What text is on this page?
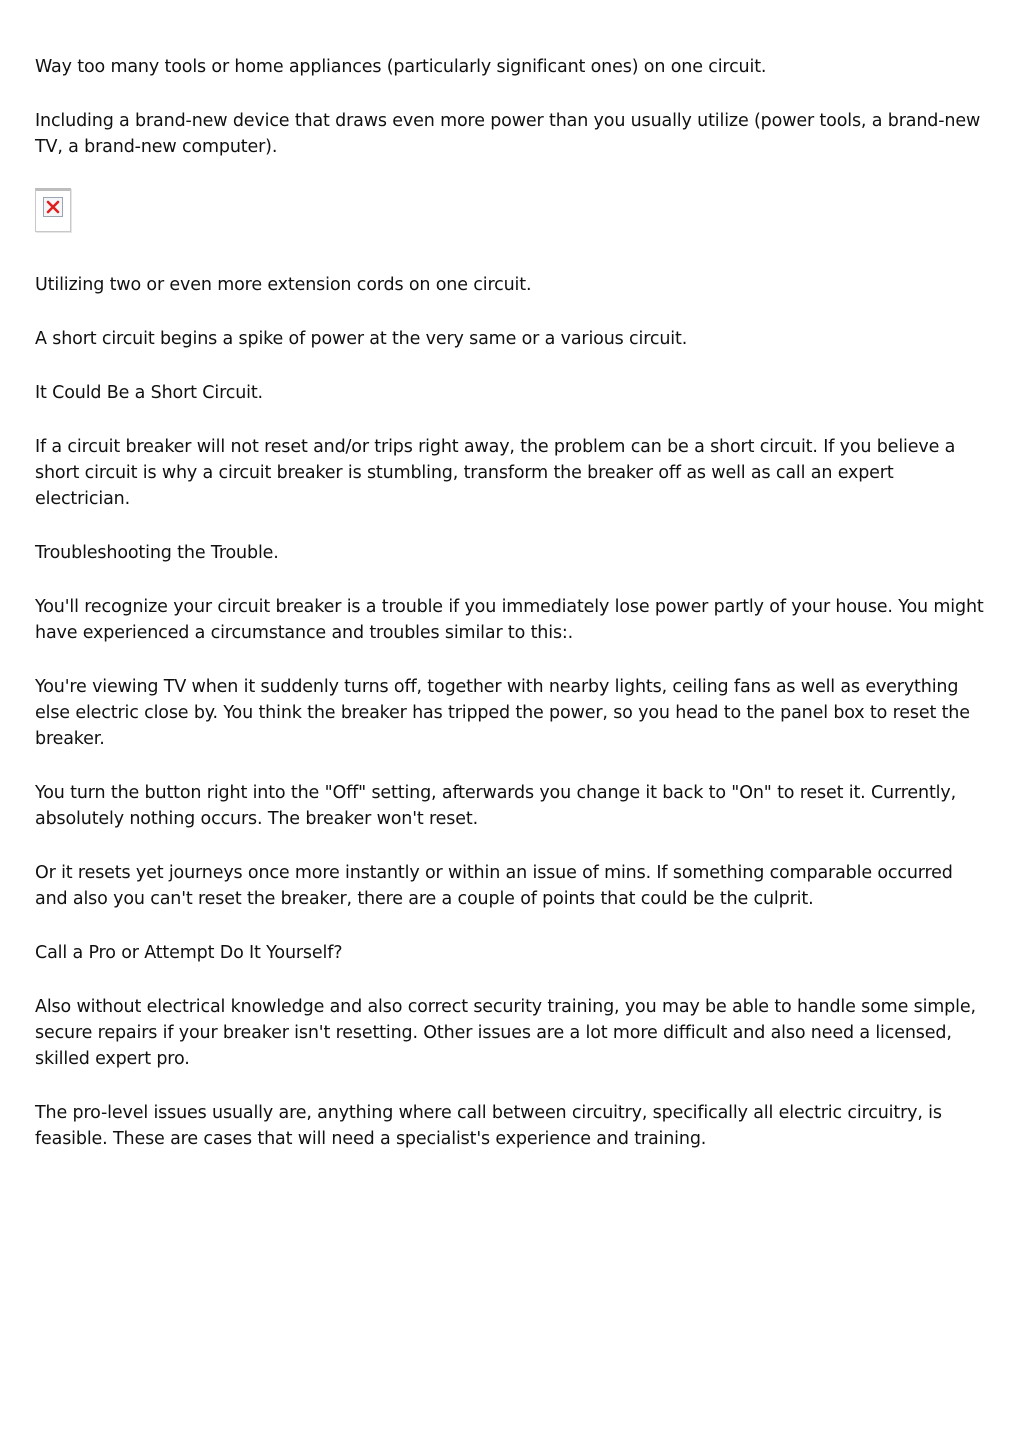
Way too many tools or home appliances (particularly significant ones) on one circuit.

Including a brand-new device that draws even more power than you usually utilize (power tools, a brand-new TV, a brand-new computer).

Utilizing two or even more extension cords on one circuit.

A short circuit begins a spike of power at the very same or a various circuit.

It Could Be a Short Circuit.

If a circuit breaker will not reset and/or trips right away, the problem can be a short circuit. If you believe a short circuit is why a circuit breaker is stumbling, transform the breaker off as well as call an expert electrician.

Troubleshooting the Trouble.

You'll recognize your circuit breaker is a trouble if you immediately lose power partly of your house. You might have experienced a circumstance and troubles similar to this:.

You're viewing TV when it suddenly turns off, together with nearby lights, ceiling fans as well as everything else electric close by. You think the breaker has tripped the power, so you head to the panel box to reset the breaker.

You turn the button right into the "Off" setting, afterwards you change it back to "On" to reset it. Currently, absolutely nothing occurs. The breaker won't reset.

Or it resets yet journeys once more instantly or within an issue of mins. If something comparable occurred and also you can't reset the breaker, there are a couple of points that could be the culprit.

Call a Pro or Attempt Do It Yourself?

Also without electrical knowledge and also correct security training, you may be able to handle some simple, secure repairs if your breaker isn't resetting. Other issues are a lot more difficult and also need a licensed, skilled expert pro.

The pro-level issues usually are, anything where call between circuitry, specifically all electric circuitry, is feasible. These are cases that will need a specialist's experience and training.
